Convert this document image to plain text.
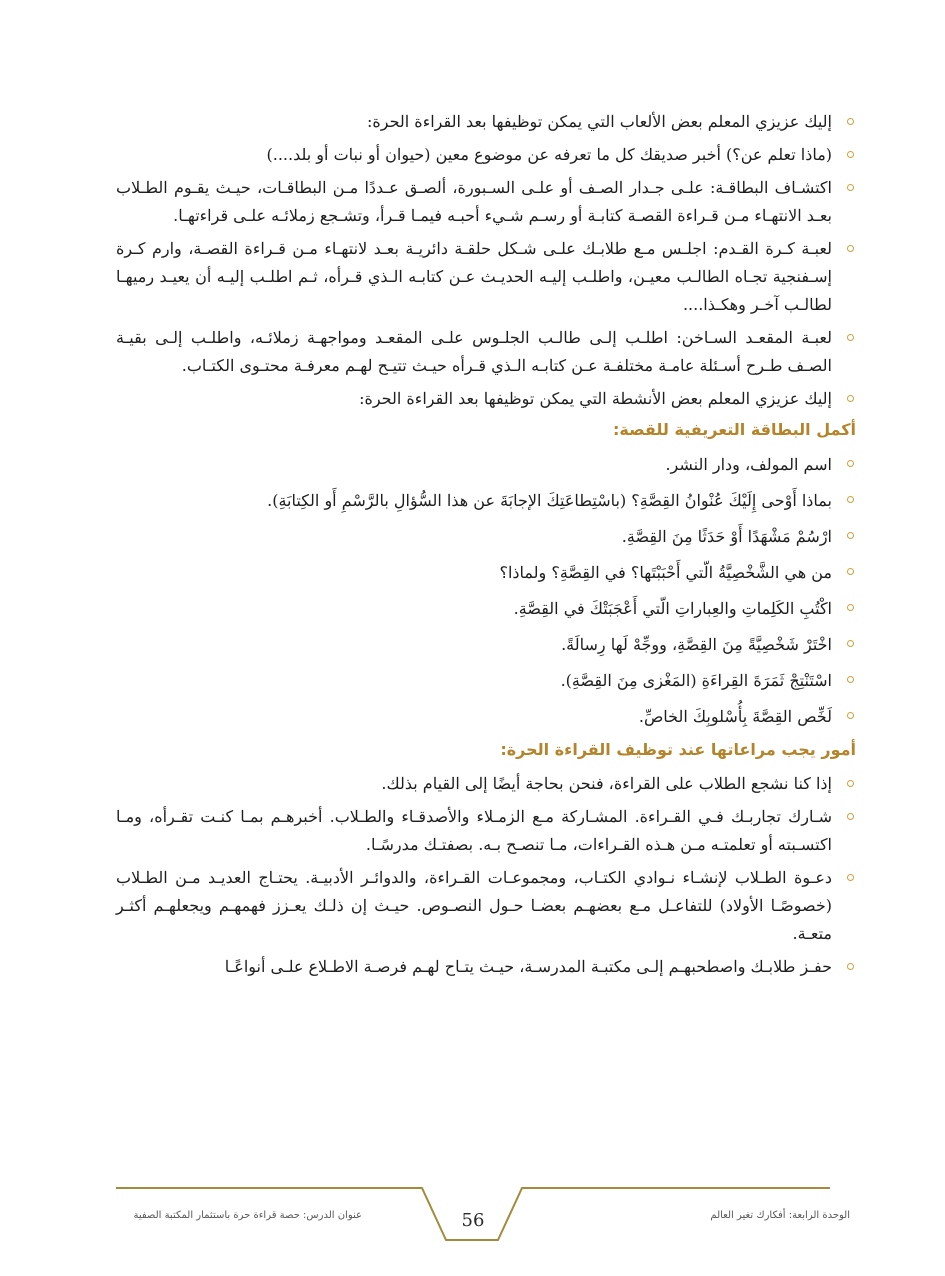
إليك عزيزي المعلم بعض الألعاب التي يمكن توظيفها بعد القراءة الحرة:
(ماذا تعلم عن؟) أخبر صديقك كل ما تعرفه عن موضوع معين (حيوان أو نبات أو بلد....)
اكتشـاف البطاقـة: علـى جـدار الصـف أو علـى السـبورة، ألصـق عـددًا مـن البطاقـات، حيـث يقـوم الطـلاب بعـد الانتهـاء مـن قـراءة القصـة كتابـة أو رسـم شـيء أحبـه فيمـا قـرأ، وتشـجع زملائـه علـى قراءتهـا.
لعبـة كـرة القـدم: اجلـس مـع طلابـك علـى شـكل حلقـة دائريـة بعـد لانتهـاء مـن قـراءة القصـة، وارم كـرة إسـفنجية تجـاه الطالـب معيـن، واطلـب إليـه الحديـث عـن كتابـه الـذي قـرأه، ثـم اطلـب إليـه أن يعيـد رميهـا لطالـب آخـر وهكـذا....
لعبـة المقعـد السـاخن: اطلـب إلـى طالـب الجلـوس علـى المقعـد ومواجهـة زملائـه، واطلـب إلـى بقيـة الصـف طـرح أسـئلة عامـة مختلفـة عـن كتابـه الـذي قـرأه حيـث تتيـح لهـم معرفـة محتـوى الكتـاب.
إليك عزيزي المعلم بعض الأنشطة التي يمكن توظيفها بعد القراءة الحرة:
أكمل البطاقة التعريفية للقصة:
اسم المولف، ودار النشر.
بماذا أَوْحى إِلَيْكَ عُنْوانُ القِصَّةِ؟ (باسْتِطاعَتِكَ الإجابَةَ عن هذا السُّؤالِ بالرَّسْمِ أَو الكِتابَةِ).
ارْسُمْ مَشْهَدًا أَوْ حَدَثًا مِنَ القِصَّةِ.
من هي الشَّخْصِيَّةُ الّتي أَحْبَبْتَها؟ في القِصَّةِ؟ ولماذا؟
اكْتُبِ الكَلِماتِ والعِباراتِ الّتي أَعْجَبَتْكَ في القِصَّةِ.
اخْتَرْ شَخْصِيَّةً مِنَ القِصَّةِ، ووجِّهْ لَها رِسالَةً.
اسْتَنْتِجْ ثَمَرَةَ القِراءَةِ (المَغْزى مِنَ القِصَّةِ).
لَخِّص القِصَّةَ بِأُسْلوبِكَ الخاصِّ.
أمور يجب مراعاتها عند توظيف القراءة الحرة:
إذا كنا نشجع الطلاب على القراءة، فنحن بحاجة أيضًا إلى القيام بذلك.
شـارك تجاربـك فـي القـراءة. المشـاركة مـع الزمـلاء والأصدقـاء والطـلاب. أخبرهـم بمـا كنـت تقـرأه، ومـا اكتسـبته أو تعلمتـه مـن هـذه القـراءات، مـا تنصـح بـه. بصفتـك مدرسًـا.
دعـوة الطـلاب لإنشـاء نـوادي الكتـاب، ومجموعـات القـراءة، والدوائـر الأدبيـة. يحتـاج العديـد مـن الطـلاب (خصوصًـا الأولاد) للتفاعـل مـع بعضهـم بعضـا حـول النصـوص. حيـث إن ذلـك يعـزز فهمهـم ويجعلهـم أكثـر متعـة.
حفـز طلابـك واصطحبهـم إلـى مكتبـة المدرسـة، حيـث يتـاح لهـم فرصـة الاطـلاع علـى أنواعًـا
56
عنوان الدرس: حصة قراءة حرة باستثمار المكتبة الصفية	الوحدة الرابعة: أفكارك تغير العالم
